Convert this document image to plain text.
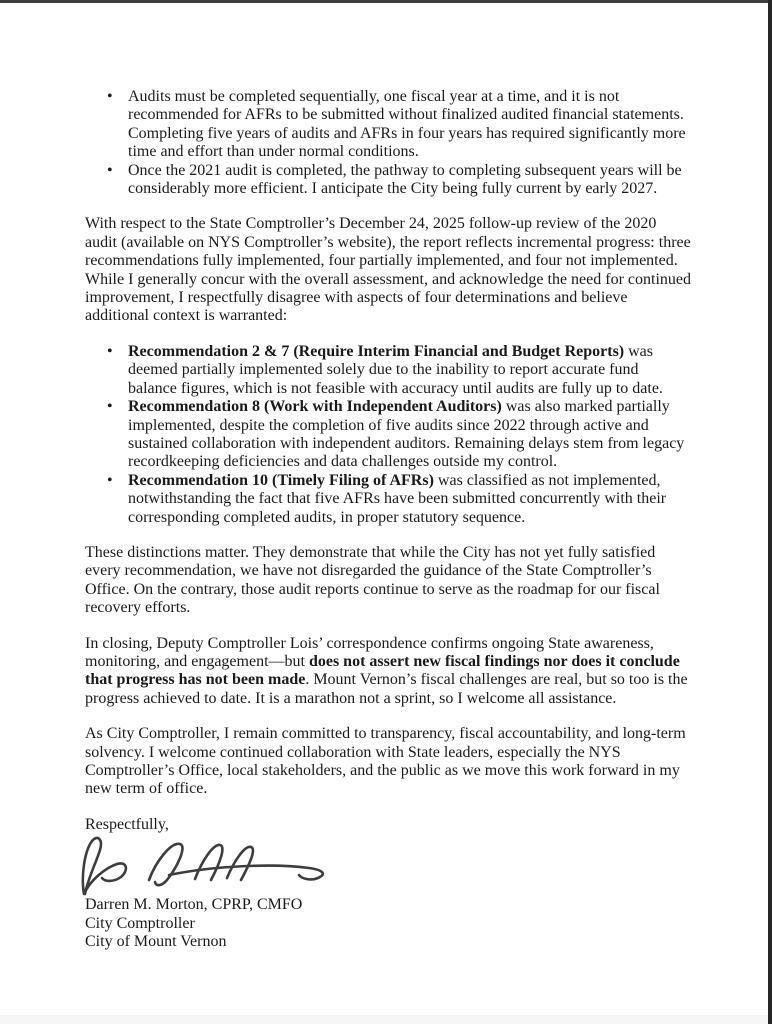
• Audits must be completed sequentially, one fiscal year at a time, and it is not recommended for AFRs to be submitted without finalized audited financial statements. Completing five years of audits and AFRs in four years has required significantly more time and effort than under normal conditions.
• Once the 2021 audit is completed, the pathway to completing subsequent years will be considerably more efficient. I anticipate the City being fully current by early 2027.

With respect to the State Comptroller’s December 24, 2025 follow-up review of the 2020 audit (available on NYS Comptroller’s website), the report reflects incremental progress: three recommendations fully implemented, four partially implemented, and four not implemented. While I generally concur with the overall assessment, and acknowledge the need for continued improvement, I respectfully disagree with aspects of four determinations and believe additional context is warranted:

• Recommendation 2 & 7 (Require Interim Financial and Budget Reports) was deemed partially implemented solely due to the inability to report accurate fund balance figures, which is not feasible with accuracy until audits are fully up to date.
• Recommendation 8 (Work with Independent Auditors) was also marked partially implemented, despite the completion of five audits since 2022 through active and sustained collaboration with independent auditors. Remaining delays stem from legacy recordkeeping deficiencies and data challenges outside my control.
• Recommendation 10 (Timely Filing of AFRs) was classified as not implemented, notwithstanding the fact that five AFRs have been submitted concurrently with their corresponding completed audits, in proper statutory sequence.

These distinctions matter. They demonstrate that while the City has not yet fully satisfied every recommendation, we have not disregarded the guidance of the State Comptroller’s Office. On the contrary, those audit reports continue to serve as the roadmap for our fiscal recovery efforts.

In closing, Deputy Comptroller Lois’ correspondence confirms ongoing State awareness, monitoring, and engagement—but does not assert new fiscal findings nor does it conclude that progress has not been made. Mount Vernon’s fiscal challenges are real, but so too is the progress achieved to date. It is a marathon not a sprint, so I welcome all assistance.

As City Comptroller, I remain committed to transparency, fiscal accountability, and long-term solvency. I welcome continued collaboration with State leaders, especially the NYS Comptroller’s Office, local stakeholders, and the public as we move this work forward in my new term of office.

Respectfully,

Darren M. Morton, CPRP, CMFO
City Comptroller
City of Mount Vernon
